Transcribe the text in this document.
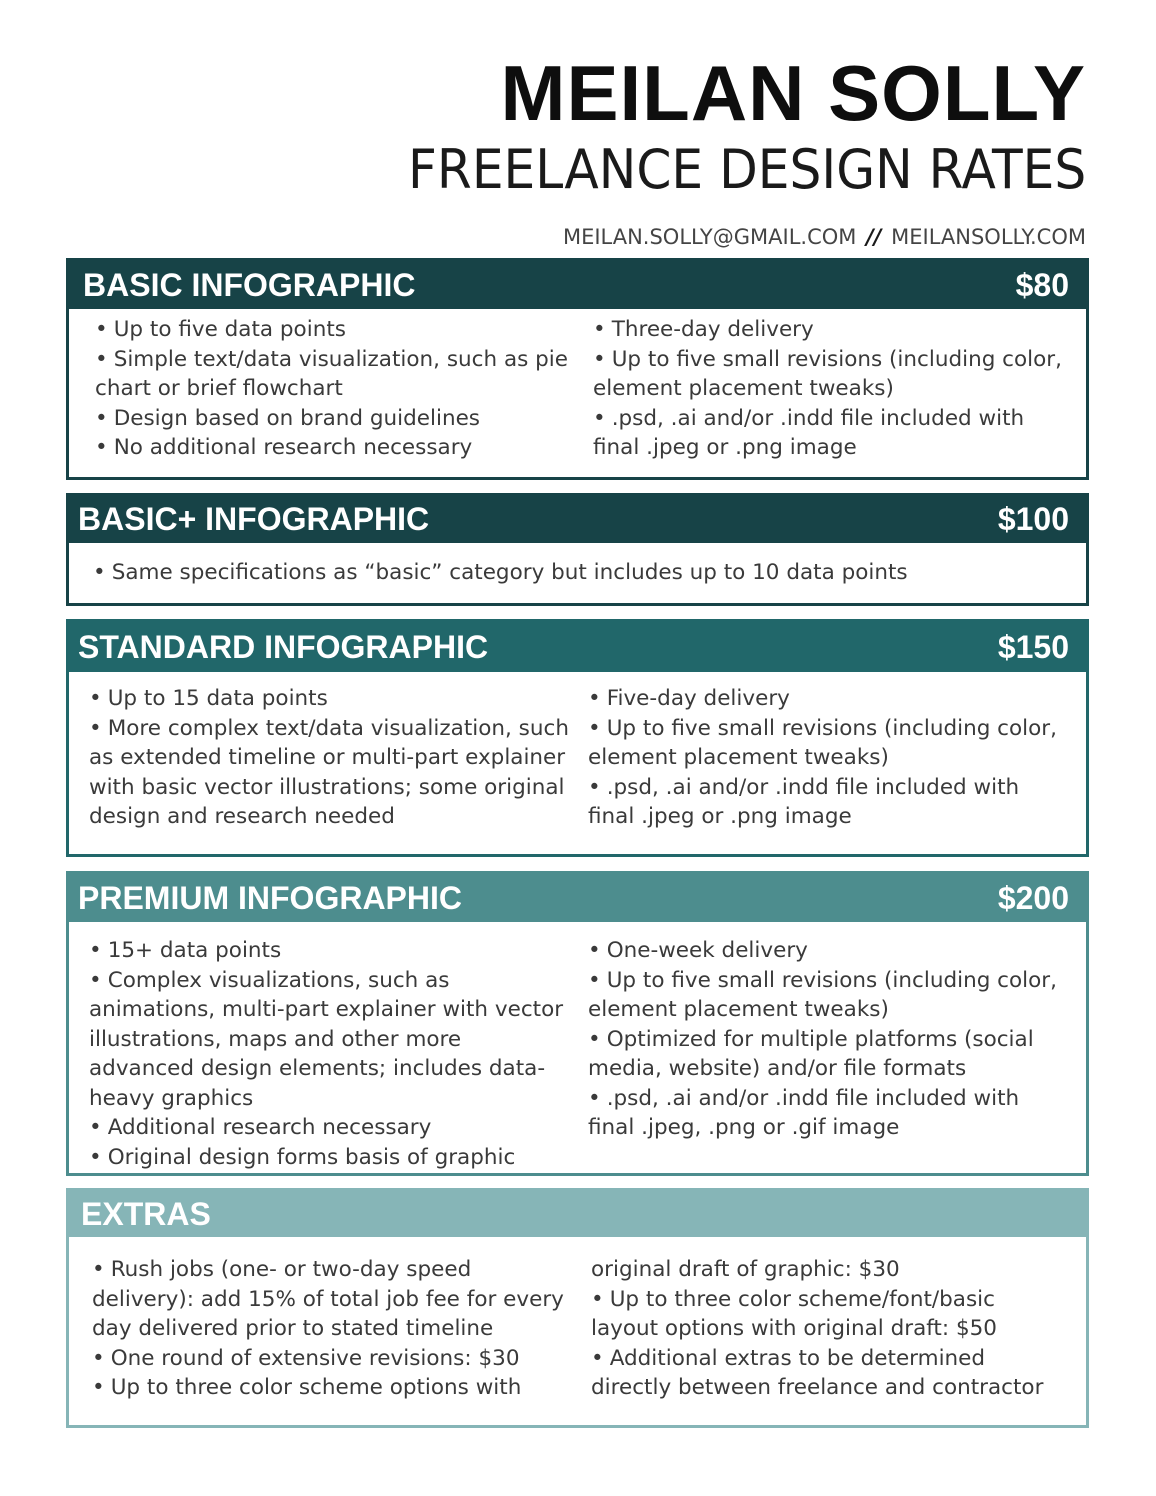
MEILAN SOLLY
FREELANCE DESIGN RATES
MEILAN.SOLLY@GMAIL.COM // MEILANSOLLY.COM
BASIC INFOGRAPHIC	$80

• Up to five data points

• Simple text/data visualization, such as pie chart or brief flowchart

• Design based on brand guidelines

• No additional research necessary

• Three-day delivery

• Up to five small revisions (including color, element placement tweaks)

• .psd, .ai and/or .indd file included with final .jpeg or .png image

BASIC+ INFOGRAPHIC	$100

• Same specifications as “basic” category but includes up to 10 data points

STANDARD INFOGRAPHIC	$150

• Up to 15 data points

• More complex text/data visualization, such as extended timeline or multi-part explainer with basic vector illustrations; some original design and research needed

• Five-day delivery

• Up to five small revisions (including color, element placement tweaks)

• .psd, .ai and/or .indd file included with final .jpeg or .png image

PREMIUM INFOGRAPHIC	$200

• 15+ data points

• Complex visualizations, such as animations, multi-part explainer with vector illustrations, maps and other more advanced design elements; includes data-heavy graphics

• Additional research necessary

• Original design forms basis of graphic

• One-week delivery

• Up to five small revisions (including color, element placement tweaks)

• Optimized for multiple platforms (social media, website) and/or file formats

• .psd, .ai and/or .indd file included with final .jpeg, .png or .gif image

EXTRAS

• Rush jobs (one- or two-day speed delivery): add 15% of total job fee for every day delivered prior to stated timeline

• One round of extensive revisions: $30

• Up to three color scheme options with

original draft of graphic: $30

• Up to three color scheme/font/basic layout options with original draft: $50

• Additional extras to be determined directly between freelance and contractor
